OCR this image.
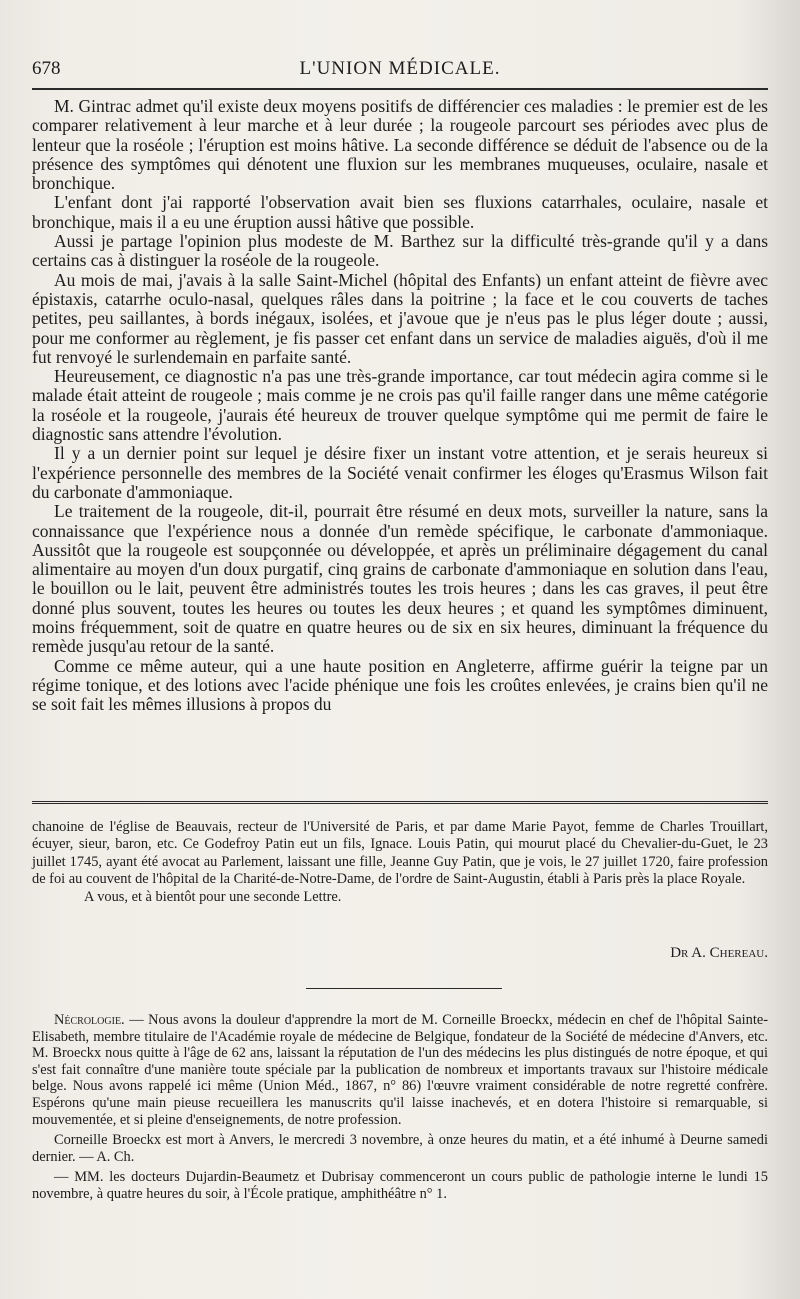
678	L'UNION MÉDICALE.

M. Gintrac admet qu'il existe deux moyens positifs de différencier ces maladies : le premier est de les comparer relativement à leur marche et à leur durée ; la rougeole parcourt ses périodes avec plus de lenteur que la roséole ; l'éruption est moins hâtive. La seconde différence se déduit de l'absence ou de la présence des symptômes qui dénotent une fluxion sur les membranes muqueuses, oculaire, nasale et bronchique.

L'enfant dont j'ai rapporté l'observation avait bien ses fluxions catarrhales, oculaire, nasale et bronchique, mais il a eu une éruption aussi hâtive que possible.

Aussi je partage l'opinion plus modeste de M. Barthez sur la difficulté très-grande qu'il y a dans certains cas à distinguer la roséole de la rougeole.

Au mois de mai, j'avais à la salle Saint-Michel (hôpital des Enfants) un enfant atteint de fièvre avec épistaxis, catarrhe oculo-nasal, quelques râles dans la poitrine ; la face et le cou couverts de taches petites, peu saillantes, à bords inégaux, isolées, et j'avoue que je n'eus pas le plus léger doute ; aussi, pour me conformer au règlement, je fis passer cet enfant dans un service de maladies aiguës, d'où il me fut renvoyé le surlendemain en parfaite santé.

Heureusement, ce diagnostic n'a pas une très-grande importance, car tout médecin agira comme si le malade était atteint de rougeole ; mais comme je ne crois pas qu'il faille ranger dans une même catégorie la roséole et la rougeole, j'aurais été heureux de trouver quelque symptôme qui me permit de faire le diagnostic sans attendre l'évolution.

Il y a un dernier point sur lequel je désire fixer un instant votre attention, et je serais heureux si l'expérience personnelle des membres de la Société venait confirmer les éloges qu'Erasmus Wilson fait du carbonate d'ammoniaque.

Le traitement de la rougeole, dit-il, pourrait être résumé en deux mots, surveiller la nature, sans la connaissance que l'expérience nous a donnée d'un remède spécifique, le carbonate d'ammoniaque. Aussitôt que la rougeole est soupçonnée ou développée, et après un préliminaire dégagement du canal alimentaire au moyen d'un doux purgatif, cinq grains de carbonate d'ammoniaque en solution dans l'eau, le bouillon ou le lait, peuvent être administrés toutes les trois heures ; dans les cas graves, il peut être donné plus souvent, toutes les heures ou toutes les deux heures ; et quand les symptômes diminuent, moins fréquemment, soit de quatre en quatre heures ou de six en six heures, diminuant la fréquence du remède jusqu'au retour de la santé.

Comme ce même auteur, qui a une haute position en Angleterre, affirme guérir la teigne par un régime tonique, et des lotions avec l'acide phénique une fois les croûtes enlevées, je crains bien qu'il ne se soit fait les mêmes illusions à propos du

chanoine de l'église de Beauvais, recteur de l'Université de Paris, et par dame Marie Payot, femme de Charles Trouillart, écuyer, sieur, baron, etc. Ce Godefroy Patin eut un fils, Ignace. Louis Patin, qui mourut placé du Chevalier-du-Guet, le 23 juillet 1745, ayant été avocat au Parlement, laissant une fille, Jeanne Guy Patin, que je vois, le 27 juillet 1720, faire profession de foi au couvent de l'hôpital de la Charité-de-Notre-Dame, de l'ordre de Saint-Augustin, établi à Paris près la place Royale.

A vous, et à bientôt pour une seconde Lettre.

Dr A. Chereau.

Nécrologie. — Nous avons la douleur d'apprendre la mort de M. Corneille Broeckx, médecin en chef de l'hôpital Sainte-Elisabeth, membre titulaire de l'Académie royale de médecine de Belgique, fondateur de la Société de médecine d'Anvers, etc. M. Broeckx nous quitte à l'âge de 62 ans, laissant la réputation de l'un des médecins les plus distingués de notre époque, et qui s'est fait connaître d'une manière toute spéciale par la publication de nombreux et importants travaux sur l'histoire médicale belge. Nous avons rappelé ici même (Union Méd., 1867, n° 86) l'œuvre vraiment considérable de notre regretté confrère. Espérons qu'une main pieuse recueillera les manuscrits qu'il laisse inachevés, et en dotera l'histoire si remarquable, si mouvementée, et si pleine d'enseignements, de notre profession.

Corneille Broeckx est mort à Anvers, le mercredi 3 novembre, à onze heures du matin, et a été inhumé à Deurne samedi dernier. — A. Ch.

— MM. les docteurs Dujardin-Beaumetz et Dubrisay commenceront un cours public de pathologie interne le lundi 15 novembre, à quatre heures du soir, à l'École pratique, amphithéâtre n° 1.
